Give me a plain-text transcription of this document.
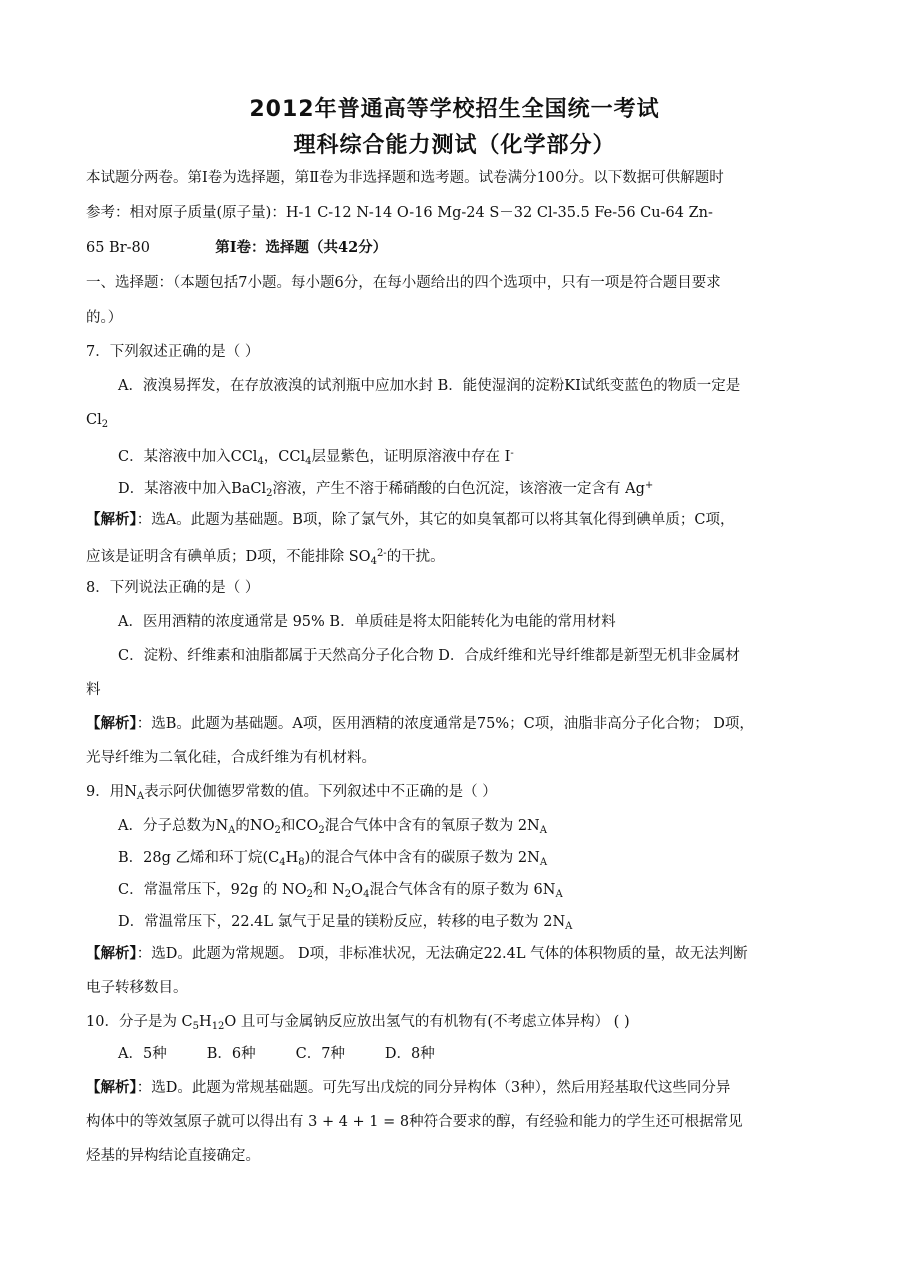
2012年普通高等学校招生全国统一考试
理科综合能力测试（化学部分）
本试题分两卷。第Ⅰ卷为选择题，第Ⅱ卷为非选择题和选考题。试卷满分100分。以下数据可供解题时
参考：相对原子质量(原子量)：H-1 C-12 N-14 O-16 Mg-24 S－32 Cl-35.5 Fe-56 Cu-64 Zn-
65 Br-80	第Ⅰ卷：选择题（共42分）
一、选择题：（本题包括7小题。每小题6分，在每小题给出的四个选项中，只有一项是符合题目要求
的。）
7．下列叙述正确的是（ ）
A．液溴易挥发，在存放液溴的试剂瓶中应加水封 B．能使湿润的淀粉KI试纸变蓝色的物质一定是
$Cl_2$
C．某溶液中加入CCl$_4$，CCl$_4$层显紫色，证明原溶液中存在 I-
D．某溶液中加入BaCl$_2$溶液，产生不溶于稀硝酸的白色沉淀，该溶液一定含有 Ag+
【解析】：选A。此题为基础题。B项，除了氯气外，其它的如臭氧都可以将其氧化得到碘单质；C项，
应该是证明含有碘单质；D项，不能排除 $SO_4^{2-}$的干扰。
8．下列说法正确的是（ ）
A．医用酒精的浓度通常是 95% B．单质硅是将太阳能转化为电能的常用材料
C．淀粉、纤维素和油脂都属于天然高分子化合物 D．合成纤维和光导纤维都是新型无机非金属材
料
【解析】：选B。此题为基础题。A项，医用酒精的浓度通常是75%；C项，油脂非高分子化合物； D项，
光导纤维为二氧化硅，合成纤维为有机材料。
9．用$N_A$表示阿伏伽德罗常数的值。下列叙述中不正确的是（ ）
A．分子总数为$N_A$的$NO_2$和$CO_2$混合气体中含有的氧原子数为 $2N_A$
B．28g 乙烯和环丁烷$(C_4H_8)$的混合气体中含有的碳原子数为 $2N_A$
C．常温常压下，92g 的 $NO_2$和 $N_2O_4$混合气体含有的原子数为 $6N_A$
D．常温常压下，22.4L 氯气于足量的镁粉反应，转移的电子数为 $2N_A$
【解析】：选D。此题为常规题。 D项，非标准状况，无法确定22.4L 气体的体积物质的量，故无法判断
电子转移数目。
10．分子是为 $C_5H_{12}O$ 且可与金属钠反应放出氢气的有机物有(不考虑立体异构） ( )
A．5种	B．6种	C．7种	D．8种
【解析】：选D。此题为常规基础题。可先写出戊烷的同分异构体（3种），然后用羟基取代这些同分异
构体中的等效氢原子就可以得出有 3 + 4 + 1 = 8种符合要求的醇，有经验和能力的学生还可根据常见
烃基的异构结论直接确定。
